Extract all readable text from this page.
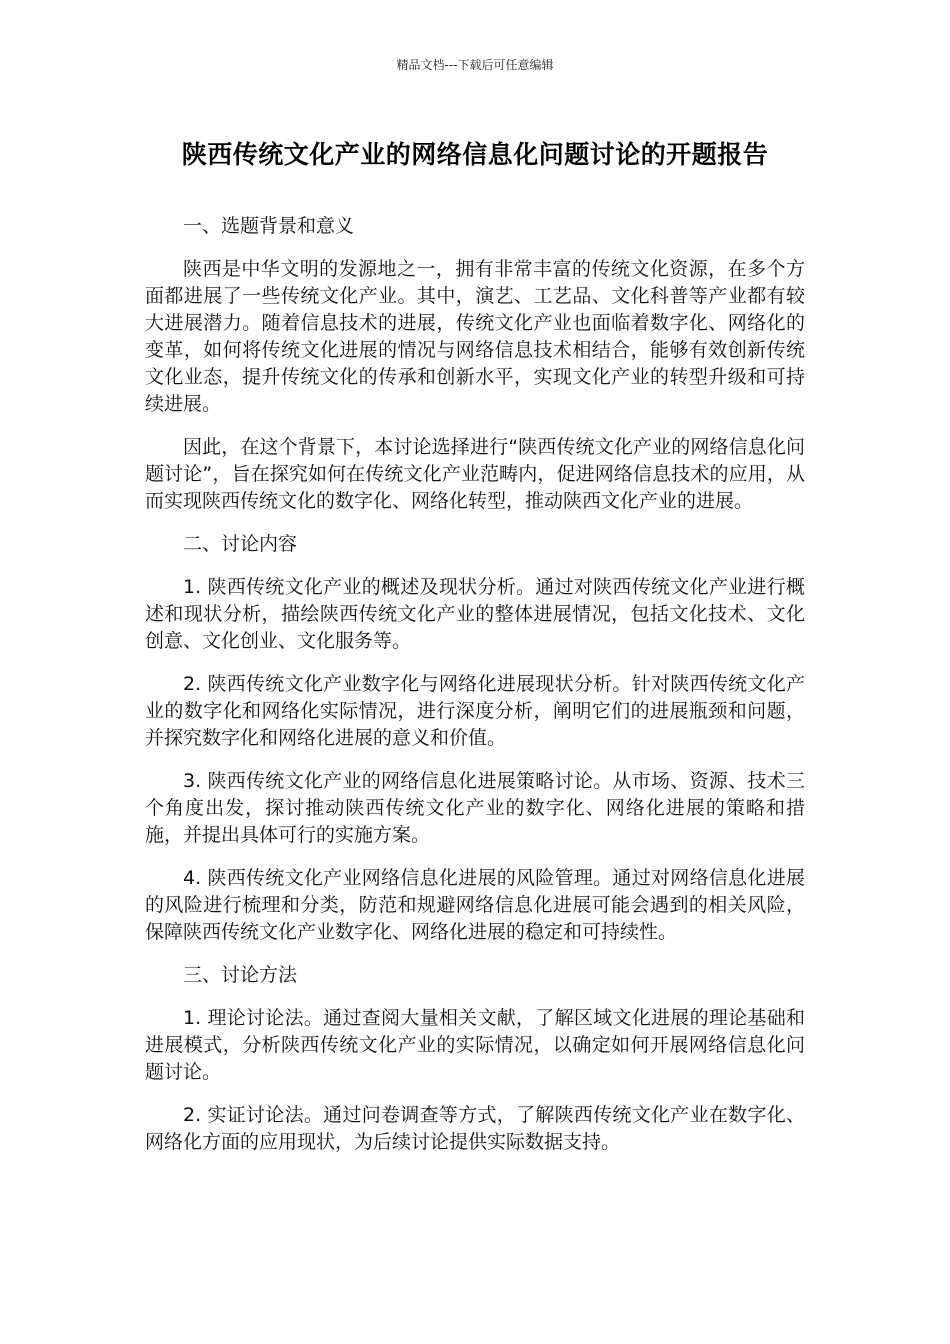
精品文档---下载后可任意编辑
陕西传统文化产业的网络信息化问题讨论的开题报告

一、选题背景和意义

陕西是中华文明的发源地之一，拥有非常丰富的传统文化资源，在多个方面都进展了一些传统文化产业。其中，演艺、工艺品、文化科普等产业都有较大进展潜力。随着信息技术的进展，传统文化产业也面临着数字化、网络化的变革，如何将传统文化进展的情况与网络信息技术相结合，能够有效创新传统文化业态，提升传统文化的传承和创新水平，实现文化产业的转型升级和可持续进展。

因此，在这个背景下，本讨论选择进行“陕西传统文化产业的网络信息化问题讨论”，旨在探究如何在传统文化产业范畴内，促进网络信息技术的应用，从而实现陕西传统文化的数字化、网络化转型，推动陕西文化产业的进展。

二、讨论内容

1. 陕西传统文化产业的概述及现状分析。通过对陕西传统文化产业进行概述和现状分析，描绘陕西传统文化产业的整体进展情况，包括文化技术、文化创意、文化创业、文化服务等。

2. 陕西传统文化产业数字化与网络化进展现状分析。针对陕西传统文化产业的数字化和网络化实际情况，进行深度分析，阐明它们的进展瓶颈和问题，并探究数字化和网络化进展的意义和价值。

3. 陕西传统文化产业的网络信息化进展策略讨论。从市场、资源、技术三个角度出发，探讨推动陕西传统文化产业的数字化、网络化进展的策略和措施，并提出具体可行的实施方案。

4. 陕西传统文化产业网络信息化进展的风险管理。通过对网络信息化进展的风险进行梳理和分类，防范和规避网络信息化进展可能会遇到的相关风险，保障陕西传统文化产业数字化、网络化进展的稳定和可持续性。

三、讨论方法

1. 理论讨论法。通过查阅大量相关文献，了解区域文化进展的理论基础和进展模式，分析陕西传统文化产业的实际情况，以确定如何开展网络信息化问题讨论。

2. 实证讨论法。通过问卷调查等方式，了解陕西传统文化产业在数字化、网络化方面的应用现状，为后续讨论提供实际数据支持。
